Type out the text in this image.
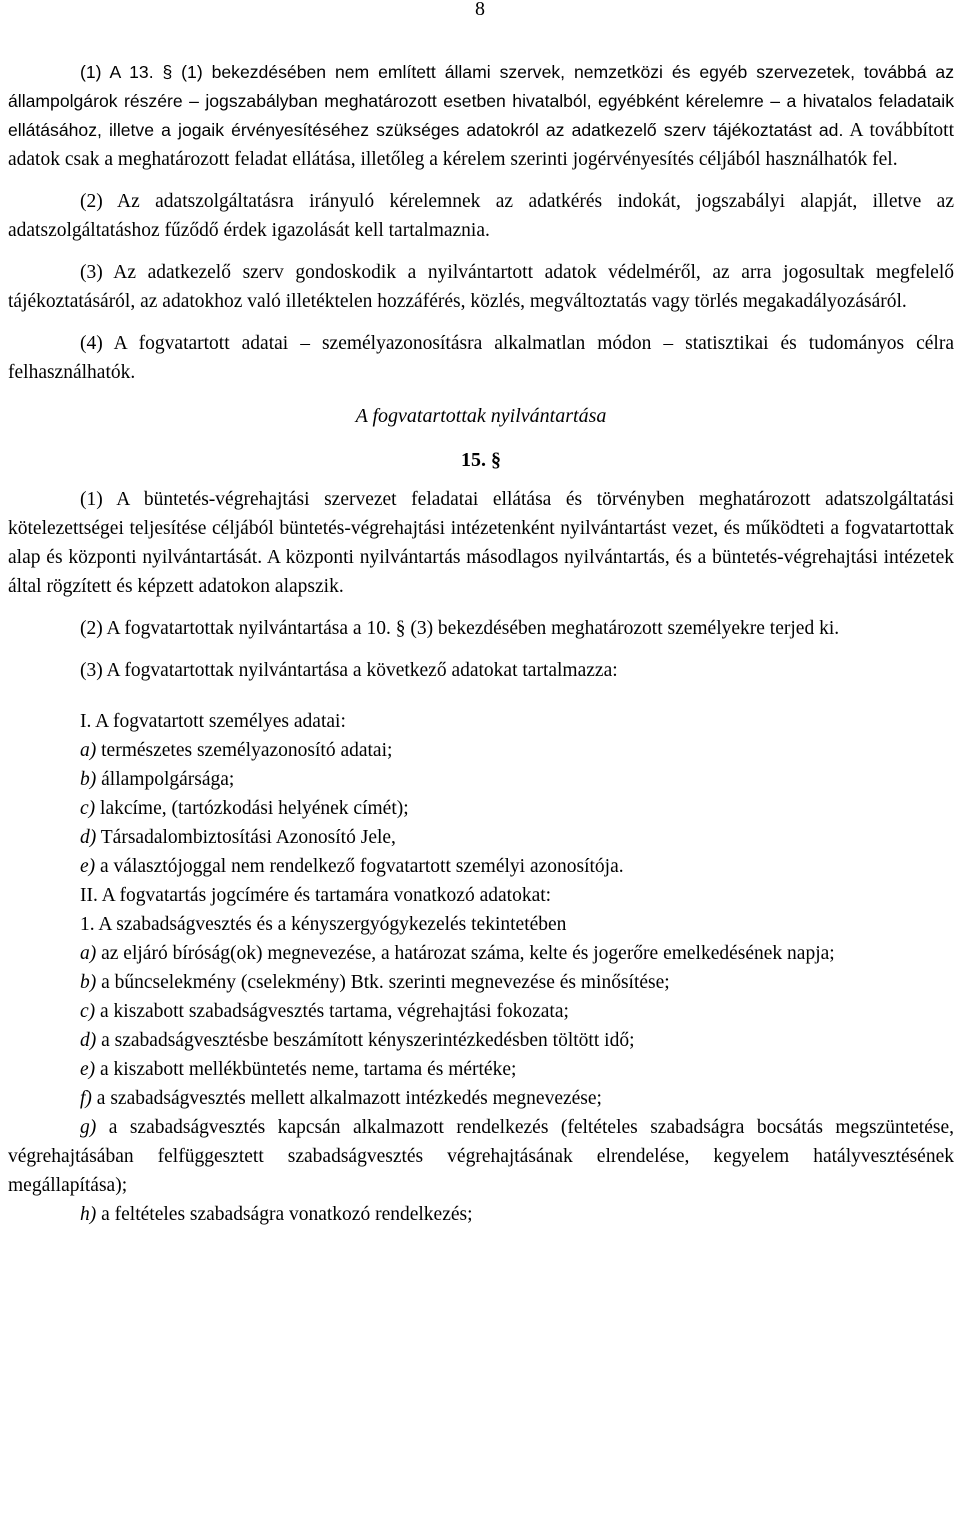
8

(1) A 13. § (1) bekezdésében nem említett állami szervek, nemzetközi és egyéb szervezetek, továbbá az állampolgárok részére – jogszabályban meghatározott esetben hivatalból, egyébként kérelemre – a hivatalos feladataik ellátásához, illetve a jogaik érvényesítéséhez szükséges adatokról az adatkezelő szerv tájékoztatást ad. A továbbított adatok csak a meghatározott feladat ellátása, illetőleg a kérelem szerinti jogérvényesítés céljából használhatók fel.

(2) Az adatszolgáltatásra irányuló kérelemnek az adatkérés indokát, jogszabályi alapját, illetve az adatszolgáltatáshoz fűződő érdek igazolását kell tartalmaznia.

(3) Az adatkezelő szerv gondoskodik a nyilvántartott adatok védelméről, az arra jogosultak megfelelő tájékoztatásáról, az adatokhoz való illetéktelen hozzáférés, közlés, megváltoztatás vagy törlés megakadályozásáról.

(4) A fogvatartott adatai – személyazonosításra alkalmatlan módon – statisztikai és tudományos célra felhasználhatók.

A fogvatartottak nyilvántartása
15. §

(1) A büntetés-végrehajtási szervezet feladatai ellátása és törvényben meghatározott adatszolgáltatási kötelezettségei teljesítése céljából büntetés-végrehajtási intézetenként nyilvántartást vezet, és működteti a fogvatartottak alap és központi nyilvántartását. A központi nyilvántartás másodlagos nyilvántartás, és a büntetés-végrehajtási intézetek által rögzített és képzett adatokon alapszik.

(2) A fogvatartottak nyilvántartása a 10. § (3) bekezdésében meghatározott személyekre terjed ki.

(3) A fogvatartottak nyilvántartása a következő adatokat tartalmazza:

I. A fogvatartott személyes adatai:

a) természetes személyazonosító adatai;

b) állampolgársága;

c) lakcíme, (tartózkodási helyének címét);

d) Társadalombiztosítási Azonosító Jele,

e) a választójoggal nem rendelkező fogvatartott személyi azonosítója.

II. A fogvatartás jogcímére és tartamára vonatkozó adatokat:

1. A szabadságvesztés és a kényszergyógykezelés tekintetében

a) az eljáró bíróság(ok) megnevezése, a határozat száma, kelte és jogerőre emelkedésének napja;

b) a bűncselekmény (cselekmény) Btk. szerinti megnevezése és minősítése;

c) a kiszabott szabadságvesztés tartama, végrehajtási fokozata;

d) a szabadságvesztésbe beszámított kényszerintézkedésben töltött idő;

e) a kiszabott mellékbüntetés neme, tartama és mértéke;

f) a szabadságvesztés mellett alkalmazott intézkedés megnevezése;

g) a szabadságvesztés kapcsán alkalmazott rendelkezés (feltételes szabadságra bocsátás megszüntetése, végrehajtásában felfüggesztett szabadságvesztés végrehajtásának elrendelése, kegyelem hatályvesztésének megállapítása);

h) a feltételes szabadságra vonatkozó rendelkezés;
